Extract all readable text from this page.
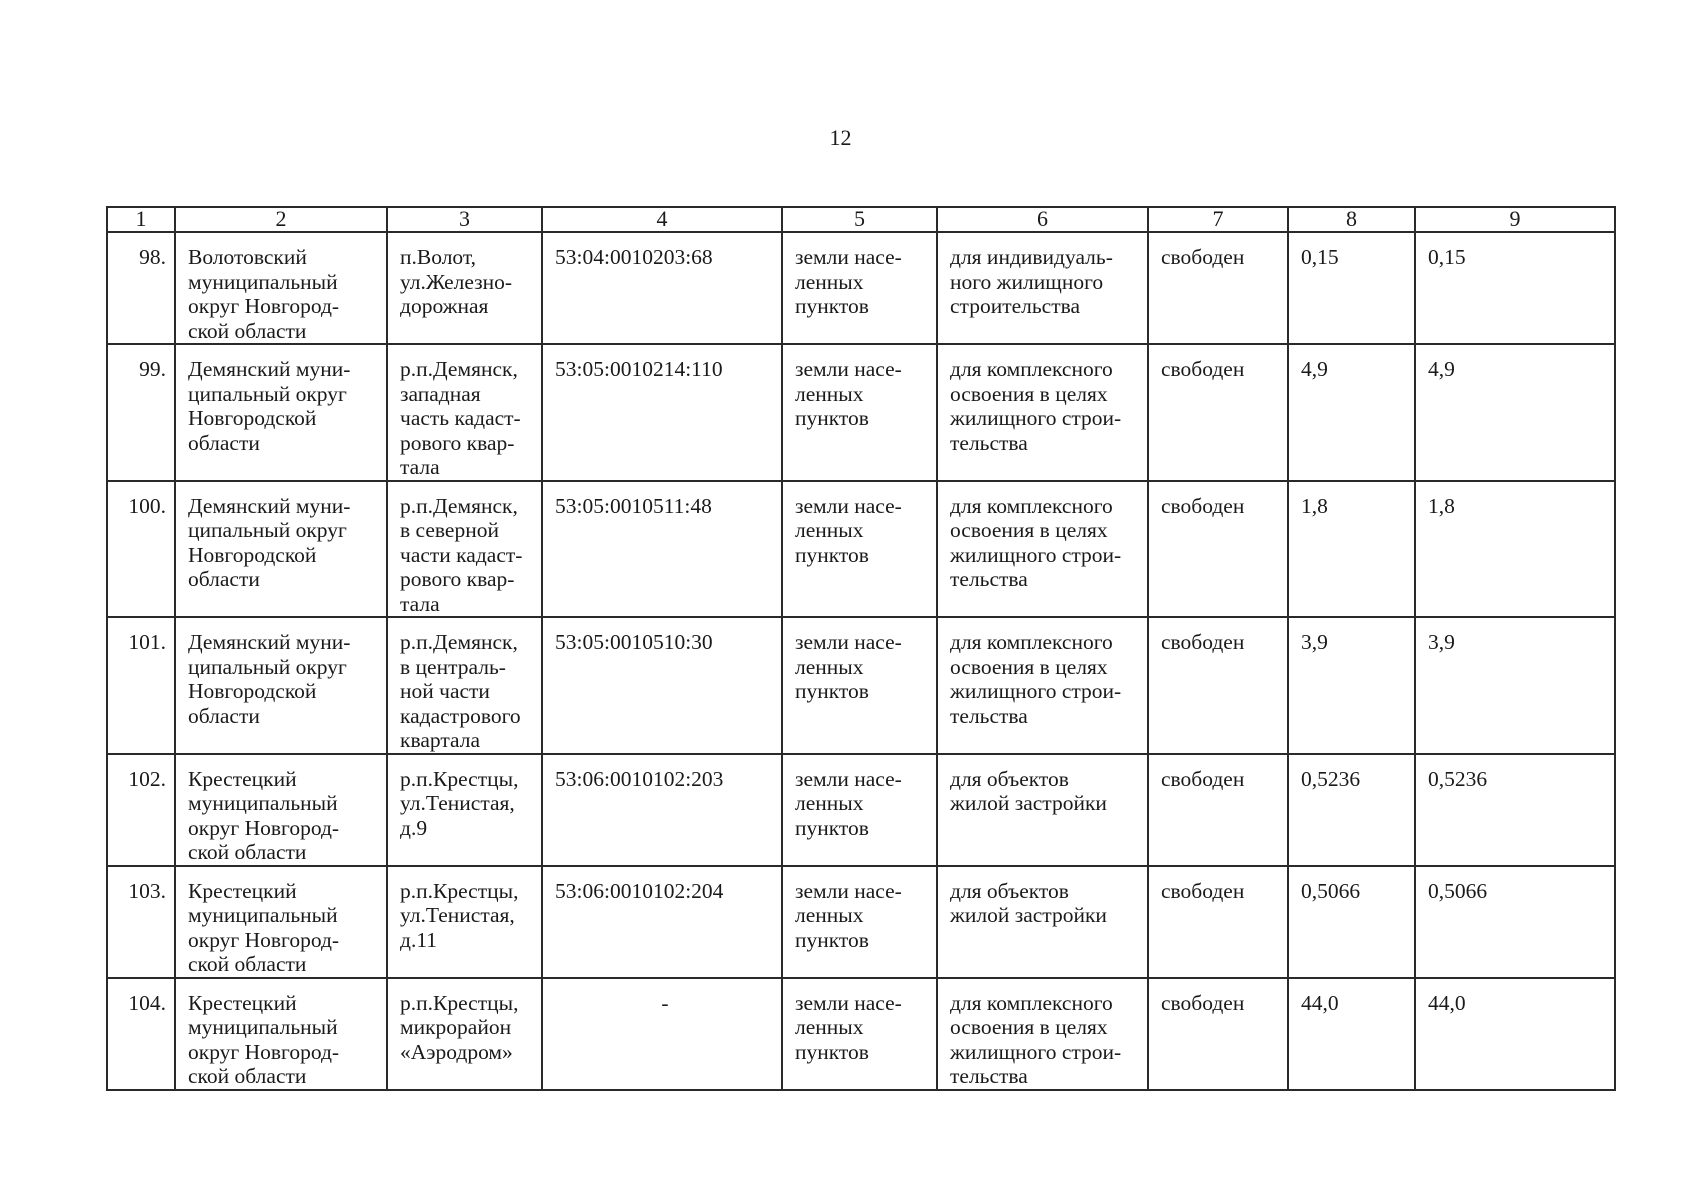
12
1	2	3	4	5	6	7	8	9
98.	Волотовский
муниципальный
округ Новгород-
ской области	п.Волот,
ул.Железно-
дорожная	53:04:0010203:68	земли насе-
ленных
пунктов	для индивидуаль-
ного жилищного
строительства	свободен	0,15	0,15
99.	Демянский муни-
ципальный округ
Новгородской
области	р.п.Демянск,
западная
часть кадаст-
рового квар-
тала	53:05:0010214:110	земли насе-
ленных
пунктов	для комплексного
освоения в целях
жилищного строи-
тельства	свободен	4,9	4,9
100.	Демянский муни-
ципальный округ
Новгородской
области	р.п.Демянск,
в северной
части кадаст-
рового квар-
тала	53:05:0010511:48	земли насе-
ленных
пунктов	для комплексного
освоения в целях
жилищного строи-
тельства	свободен	1,8	1,8
101.	Демянский муни-
ципальный округ
Новгородской
области	р.п.Демянск,
в централь-
ной части
кадастрового
квартала	53:05:0010510:30	земли насе-
ленных
пунктов	для комплексного
освоения в целях
жилищного строи-
тельства	свободен	3,9	3,9
102.	Крестецкий
муниципальный
округ Новгород-
ской области	р.п.Крестцы,
ул.Тенистая,
д.9	53:06:0010102:203	земли насе-
ленных
пунктов	для объектов
жилой застройки	свободен	0,5236	0,5236
103.	Крестецкий
муниципальный
округ Новгород-
ской области	р.п.Крестцы,
ул.Тенистая,
д.11	53:06:0010102:204	земли насе-
ленных
пунктов	для объектов
жилой застройки	свободен	0,5066	0,5066
104.	Крестецкий
муниципальный
округ Новгород-
ской области	р.п.Крестцы,
микрорайон
«Аэродром»	-	земли насе-
ленных
пунктов	для комплексного
освоения в целях
жилищного строи-
тельства	свободен	44,0	44,0
